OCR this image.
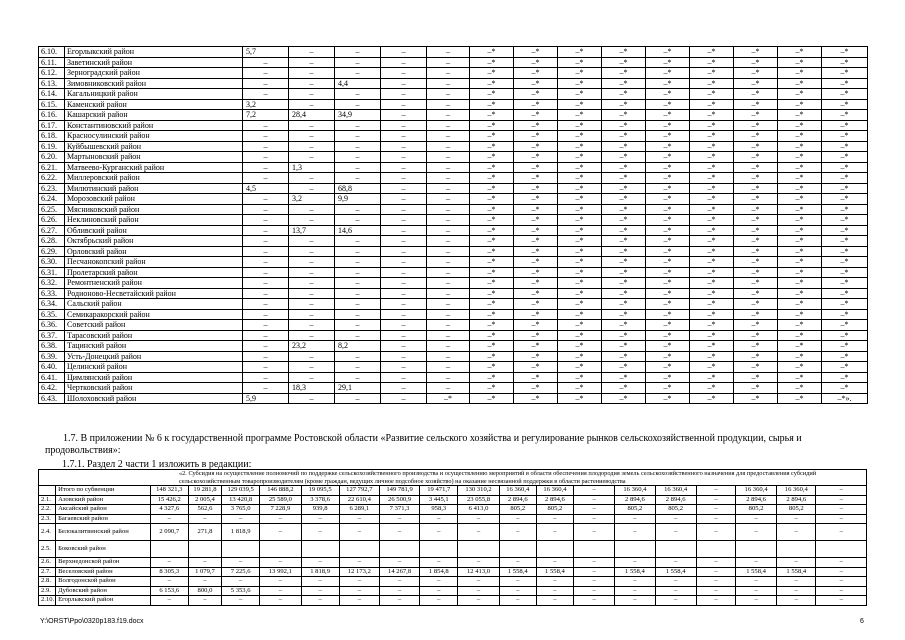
6.10.	Егорлыкский район	5,7	–	–	–	–	–*	–*	–*	–*	–*	–*	–*	–*	–*
6.11.	Заветинский район	–	–	–	–	–	–*	–*	–*	–*	–*	–*	–*	–*	–*
6.12.	Зерноградский район	–	–	–	–	–	–*	–*	–*	–*	–*	–*	–*	–*	–*
6.13.	Зимовниковский район	–	–	4,4	–	–	–*	–*	–*	–*	–*	–*	–*	–*	–*
6.14.	Кагальницкий район	–	–	–	–	–	–*	–*	–*	–*	–*	–*	–*	–*	–*
6.15.	Каменский район	3,2	–	–	–	–	–*	–*	–*	–*	–*	–*	–*	–*	–*
6.16.	Кашарский район	7,2	28,4	34,9	–	–	–*	–*	–*	–*	–*	–*	–*	–*	–*
6.17.	Константиновский район	–	–	–	–	–	–*	–*	–*	–*	–*	–*	–*	–*	–*
6.18.	Красносулинский район	–	–	–	–	–	–*	–*	–*	–*	–*	–*	–*	–*	–*
6.19.	Куйбышевский район	–	–	–	–	–	–*	–*	–*	–*	–*	–*	–*	–*	–*
6.20.	Мартыновский район	–	–	–	–	–	–*	–*	–*	–*	–*	–*	–*	–*	–*
6.21.	Матвеево-Курганский район	–	1,3	–	–	–	–*	–*	–*	–*	–*	–*	–*	–*	–*
6.22.	Миллеровский район	–	–	–	–	–	–*	–*	–*	–*	–*	–*	–*	–*	–*
6.23.	Милютинский район	4,5	–	68,8	–	–	–*	–*	–*	–*	–*	–*	–*	–*	–*
6.24.	Морозовский район	–	3,2	9,9	–	–	–*	–*	–*	–*	–*	–*	–*	–*	–*
6.25.	Мясниковский район	–	–	–	–	–	–*	–*	–*	–*	–*	–*	–*	–*	–*
6.26.	Неклиновский район	–	–	–	–	–	–*	–*	–*	–*	–*	–*	–*	–*	–*
6.27.	Обливский район	–	13,7	14,6	–	–	–*	–*	–*	–*	–*	–*	–*	–*	–*
6.28.	Октябрьский район	–	–	–	–	–	–*	–*	–*	–*	–*	–*	–*	–*	–*
6.29.	Орловский район	–	–	–	–	–	–*	–*	–*	–*	–*	–*	–*	–*	–*
6.30.	Песчанокопский район	–	–	–	–	–	–*	–*	–*	–*	–*	–*	–*	–*	–*
6.31.	Пролетарский район	–	–	–	–	–	–*	–*	–*	–*	–*	–*	–*	–*	–*
6.32.	Ремонтненский район	–	–	–	–	–	–*	–*	–*	–*	–*	–*	–*	–*	–*
6.33.	Родионово-Несветайский район	–	–	–	–	–	–*	–*	–*	–*	–*	–*	–*	–*	–*
6.34.	Сальский район	–	–	–	–	–	–*	–*	–*	–*	–*	–*	–*	–*	–*
6.35.	Семикаракорский район	–	–	–	–	–	–*	–*	–*	–*	–*	–*	–*	–*	–*
6.36.	Советский район	–	–	–	–	–	–*	–*	–*	–*	–*	–*	–*	–*	–*
6.37.	Тарасовский район	–	–	–	–	–	–*	–*	–*	–*	–*	–*	–*	–*	–*
6.38.	Тацинский район	–	23,2	8,2	–	–	–*	–*	–*	–*	–*	–*	–*	–*	–*
6.39.	Усть-Донецкий район	–	–	–	–	–	–*	–*	–*	–*	–*	–*	–*	–*	–*
6.40.	Целинский район	–	–	–	–	–	–*	–*	–*	–*	–*	–*	–*	–*	–*
6.41.	Цимлянский район	–	–	–	–	–	–*	–*	–*	–*	–*	–*	–*	–*	–*
6.42.	Чертковский район	–	18,3	29,1	–	–	–*	–*	–*	–*	–*	–*	–*	–*	–*
6.43.	Шолоховский район	5,9	–	–	–	–*	–*	–*	–*	–*	–*	–*	–*	–*	–*».
1.7. В приложении № 6 к государственной программе Ростовской области «Развитие сельского хозяйства и регулирование рынков сельскохозяйственной продукции, сырья и продовольствия»:
1.7.1. Раздел 2 части 1 изложить в редакции:
«2. Субсидия на осуществление полномочий по поддержке сельскохозяйственного производства и осуществлению мероприятий в области обеспечения плодородия земель сельскохозяйственного назначения для предоставления субсидий сельскохозяйственным товаропроизводителям (кроме граждан, ведущих личное подсобное хозяйство) на оказание несвязанной поддержки в области растениеводства																			
	Итого по субвенции	148 321,3	19 281,8	129 039,5	146 888,2	19 095,5	127 792,7	149 781,9	19 471,7	130 310,2	16 360,4	16 360,4	–	16 360,4	16 360,4	–	16 360,4	16 360,4	–
2.1.	Азовский район	15 426,2	2 005,4	13 420,8	25 589,0	3 378,6	22 610,4	26 500,9	3 445,1	23 055,8	2 894,6	2 894,6	–	2 894,6	2 894,6	–	2 894,6	2 894,6	–
2.2.	Аксайский район	4 327,6	562,6	3 765,0	7 228,9	939,8	6 289,1	7 371,3	958,3	6 413,0	805,2	805,2	–	805,2	805,2	–	805,2	805,2	–
2.3.	Багаевский район	–	–	–	–	–	–	–	–	–	–	–	–	–	–	–	–	–	–
2.4.	Белокалитвинский район	2 090,7	271,8	1 818,9	–	–	–	–	–	–	–	–	–	–	–	–	–	–	–
2.5.	Боковский район																		
2.6.	Верхнедонской район	–	–	–	–	–	–	–	–	–	–	–	–	–	–	–	–	–	–
2.7.	Веселовский район	8 305,3	1 079,7	7 225,6	13 992,1	1 818,9	12 173,2	14 267,8	1 854,8	12 413,0	1 558,4	1 558,4	–	1 558,4	1 558,4	–	1 558,4	1 558,4	–
2.8.	Волгодонской район	–	–	–	–	–	–	–	–	–	–	–	–	–	–	–	–	–	–
2.9.	Дубовский район	6 153,6	800,0	5 353,6	–	–	–	–	–	–	–	–	–	–	–	–	–	–	–
2.10.	Егорлыкский район	–	–	–	–	–	–	–	–	–	–	–	–	–	–	–	–	–	–
Y:\ORST\Ppo\0320p183.f19.docx	6
